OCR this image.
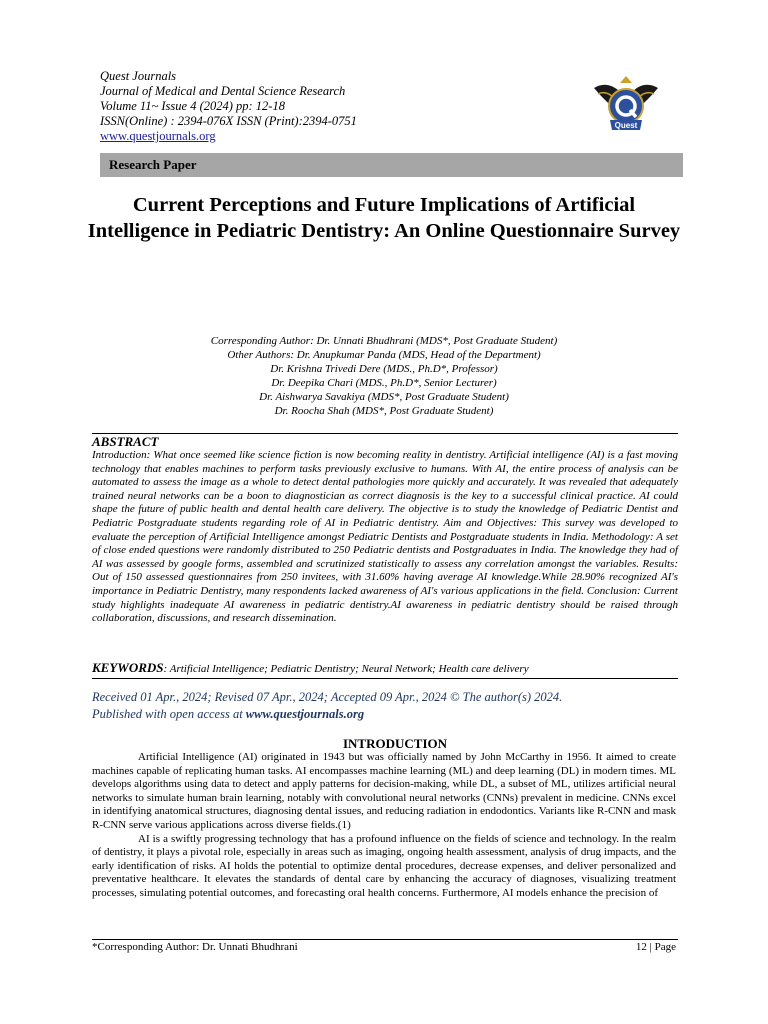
Quest Journals
Journal of Medical and Dental Science Research
Volume 11~ Issue 4 (2024) pp: 12-18
ISSN(Online) : 2394-076X ISSN (Print):2394-0751
www.questjournals.org
Quest
Research Paper
Current Perceptions and Future Implications of Artificial Intelligence in Pediatric Dentistry: An Online Questionnaire Survey
Corresponding Author: Dr. Unnati Bhudhrani (MDS*, Post Graduate Student)
Other Authors: Dr. Anupkumar Panda (MDS, Head of the Department)
Dr. Krishna Trivedi Dere (MDS., Ph.D*, Professor)
Dr. Deepika Chari (MDS., Ph.D*, Senior Lecturer)
Dr. Aishwarya Savakiya (MDS*, Post Graduate Student)
Dr. Roocha Shah (MDS*, Post Graduate Student)
ABSTRACT
Introduction: What once seemed like science fiction is now becoming reality in dentistry. Artificial intelligence (AI) is a fast moving technology that enables machines to perform tasks previously exclusive to humans. With AI, the entire process of analysis can be automated to assess the image as a whole to detect dental pathologies more quickly and accurately. It was revealed that adequately trained neural networks can be a boon to diagnostician as correct diagnosis is the key to a successful clinical practice. AI could shape the future of public health and dental health care delivery. The objective is to study the knowledge of Pediatric Dentist and Pediatric Postgraduate students regarding role of AI in Pediatric dentistry. Aim and Objectives: This survey was developed to evaluate the perception of Artificial Intelligence amongst Pediatric Dentists and Postgraduate students in India. Methodology: A set of close ended questions were randomly distributed to 250 Pediatric dentists and Postgraduates in India. The knowledge they had of AI was assessed by google forms, assembled and scrutinized statistically to assess any correlation amongst the variables. Results: Out of 150 assessed questionnaires from 250 invitees, with 31.60% having average AI knowledge.While 28.90% recognized AI's importance in Pediatric Dentistry, many respondents lacked awareness of AI's various applications in the field. Conclusion: Current study highlights inadequate AI awareness in pediatric dentistry.AI awareness in pediatric dentistry should be raised through collaboration, discussions, and research dissemination.
KEYWORDS: Artificial Intelligence; Pediatric Dentistry; Neural Network; Health care delivery
Received 01 Apr., 2024; Revised 07 Apr., 2024; Accepted 09 Apr., 2024 © The author(s) 2024.
Published with open access at www.questjournals.org
INTRODUCTION

Artificial Intelligence (AI) originated in 1943 but was officially named by John McCarthy in 1956. It aimed to create machines capable of replicating human tasks. AI encompasses machine learning (ML) and deep learning (DL) in modern times. ML develops algorithms using data to detect and apply patterns for decision-making, while DL, a subset of ML, utilizes artificial neural networks to simulate human brain learning, notably with convolutional neural networks (CNNs) prevalent in medicine. CNNs excel in identifying anatomical structures, diagnosing dental issues, and reducing radiation in endodontics. Variants like R-CNN and mask R-CNN serve various applications across diverse fields.(1)

AI is a swiftly progressing technology that has a profound influence on the fields of science and technology. In the realm of dentistry, it plays a pivotal role, especially in areas such as imaging, ongoing health assessment, analysis of drug impacts, and the early identification of risks. AI holds the potential to optimize dental procedures, decrease expenses, and deliver personalized and preventative healthcare. It elevates the standards of dental care by enhancing the accuracy of diagnoses, visualizing treatment processes, simulating potential outcomes, and forecasting oral health concerns. Furthermore, AI models enhance the precision of

*Corresponding Author: Dr. Unnati Bhudhrani	12 | Page
